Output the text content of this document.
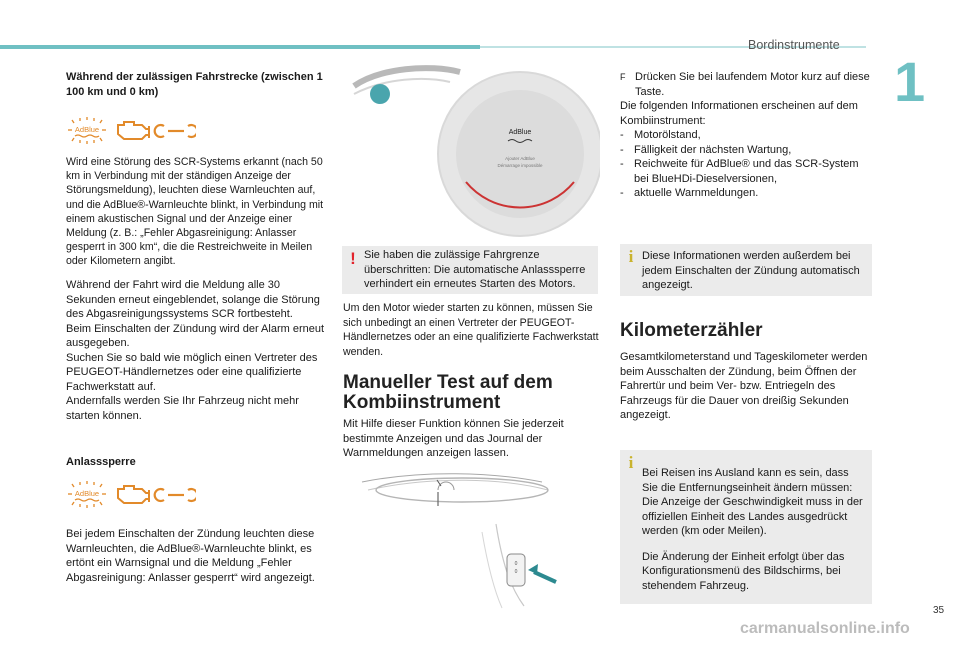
Bordinstrumente
1
Während der zulässigen Fahrstrecke (zwischen 1 100 km und 0 km)
AdBlue
Wird eine Störung des SCR-Systems erkannt (nach 50 km in Verbindung mit der ständigen Anzeige der Störungsmeldung), leuchten diese Warnleuchten auf, und die AdBlue®-Warnleuchte blinkt, in Verbindung mit einem akustischen Signal und der Anzeige einer Meldung (z. B.: „Fehler Abgasreinigung: Anlasser gesperrt in 300 km“, die die Restreichweite in Meilen oder Kilometern angibt.

Während der Fahrt wird die Meldung alle 30 Sekunden erneut eingeblendet, solange die Störung des Abgasreinigungssystems SCR fortbesteht.

Beim Einschalten der Zündung wird der Alarm erneut ausgegeben.

Suchen Sie so bald wie möglich einen Vertreter des PEUGEOT-Händlernetzes oder eine qualifizierte Fachwerkstatt auf.

Andernfalls werden Sie Ihr Fahrzeug nicht mehr starten können.

Anlasssperre
AdBlue
Bei jedem Einschalten der Zündung leuchten diese Warnleuchten, die AdBlue®-Warnleuchte blinkt, es ertönt ein Warnsignal und die Meldung „Fehler Abgasreinigung: Anlasser gesperrt“ wird angezeigt.
AdBlue
Ajouter AdBlue
Démarrage impossible
! Sie haben die zulässige Fahrgrenze überschritten: Die automatische Anlasssperre verhindert ein erneutes Starten des Motors.
Um den Motor wieder starten zu können, müssen Sie sich unbedingt an einen Vertreter der PEUGEOT-Händlernetzes oder an eine qualifizierte Fachwerkstatt wenden.
Manueller Test auf dem Kombiinstrument
Mit Hilfe dieser Funktion können Sie jederzeit bestimmte Anzeigen und das Journal der Warnmeldungen anzeigen lassen.
0
0
F Drücken Sie bei laufendem Motor kurz auf diese Taste.

Die folgenden Informationen erscheinen auf dem Kombiinstrument:

- Motorölstand,
- Fälligkeit der nächsten Wartung,
- Reichweite für AdBlue® und das SCR-System bei BlueHDi-Dieselversionen,
- aktuelle Warnmeldungen.
i Diese Informationen werden außerdem bei jedem Einschalten der Zündung automatisch angezeigt.
Kilometerzähler
Gesamtkilometerstand und Tageskilometer werden beim Ausschalten der Zündung, beim Öffnen der Fahrertür und beim Ver- bzw. Entriegeln des Fahrzeugs für die Dauer von dreißig Sekunden angezeigt.
i

Bei Reisen ins Ausland kann es sein, dass Sie die Entfernungseinheit ändern müssen: Die Anzeige der Geschwindigkeit muss in der offiziellen Einheit des Landes ausgedrückt werden (km oder Meilen).

Die Änderung der Einheit erfolgt über das Konfigurationsmenü des Bildschirms, bei stehendem Fahrzeug.

35
carmanualsonline.info
